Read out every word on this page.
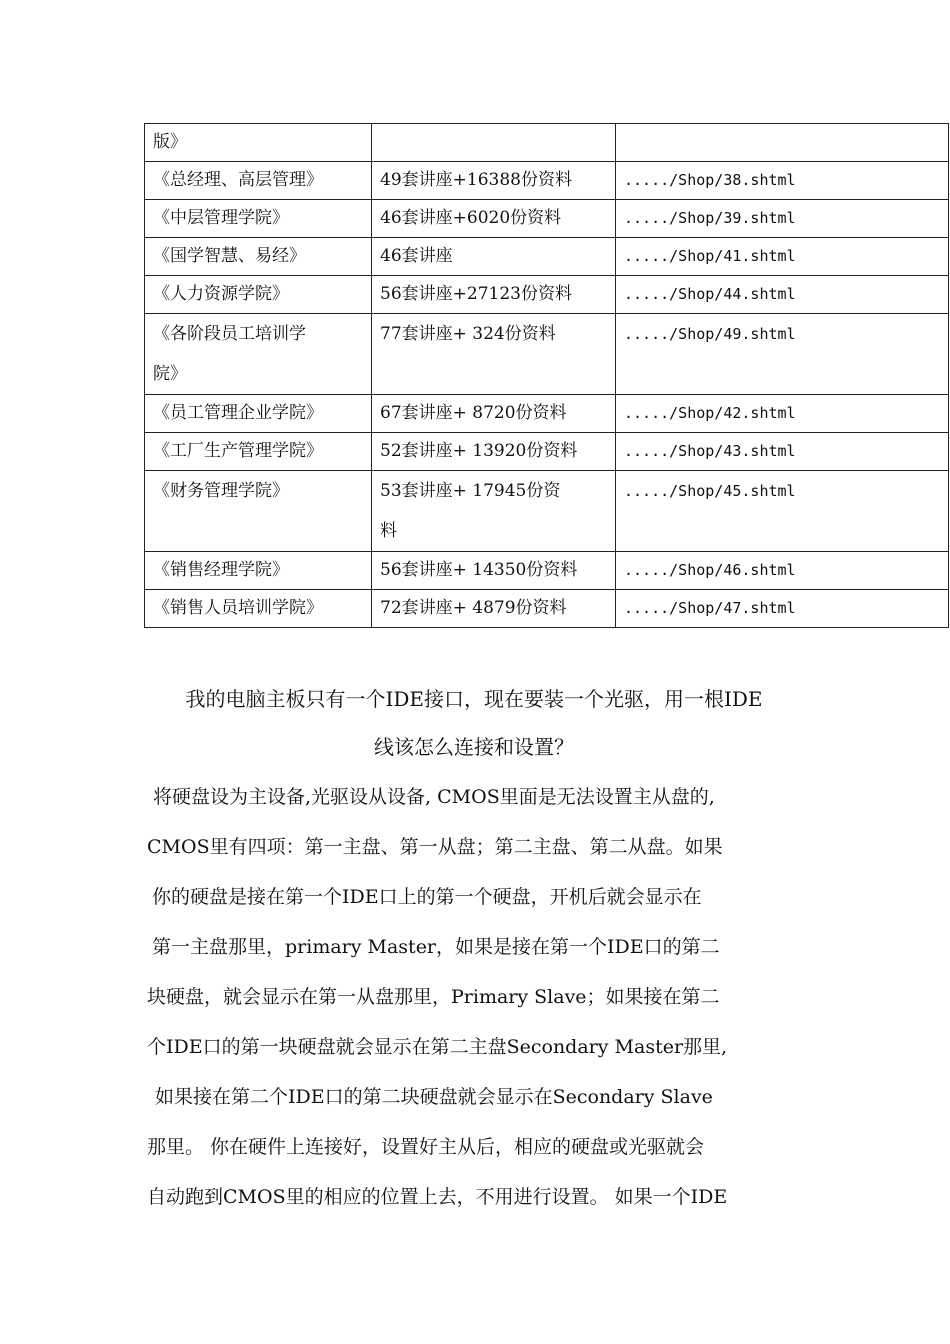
版》		
《总经理、高层管理》	49套讲座+16388份资料	...../Shop/38.shtml
《中层管理学院》	46套讲座+6020份资料	...../Shop/39.shtml
《国学智慧、易经》	46套讲座	...../Shop/41.shtml
《人力资源学院》	56套讲座+27123份资料	...../Shop/44.shtml

《各阶段员工培训学
院》	77套讲座+ 324份资料	...../Shop/49.shtml
《员工管理企业学院》	67套讲座+ 8720份资料	...../Shop/42.shtml
《工厂生产管理学院》	52套讲座+ 13920份资料	...../Shop/43.shtml
《财务管理学院》	53套讲座+ 17945份资
料	...../Shop/45.shtml
《销售经理学院》	56套讲座+ 14350份资料	...../Shop/46.shtml
《销售人员培训学院》	72套讲座+ 4879份资料	...../Shop/47.shtml
我的电脑主板只有一个IDE接口，现在要装一个光驱，用一根IDE
线该怎么连接和设置？

将硬盘设为主设备,光驱设从设备, CMOS里面是无法设置主从盘的,

CMOS里有四项：第一主盘、第一从盘；第二主盘、第二从盘。如果

你的硬盘是接在第一个IDE口上的第一个硬盘，开机后就会显示在

第一主盘那里，primary Master，如果是接在第一个IDE口的第二

块硬盘，就会显示在第一从盘那里，Primary Slave；如果接在第二

个IDE口的第一块硬盘就会显示在第二主盘Secondary Master那里,

如果接在第二个IDE口的第二块硬盘就会显示在Secondary Slave

那里。 你在硬件上连接好，设置好主从后，相应的硬盘或光驱就会

自动跑到CMOS里的相应的位置上去，不用进行设置。 如果一个IDE
